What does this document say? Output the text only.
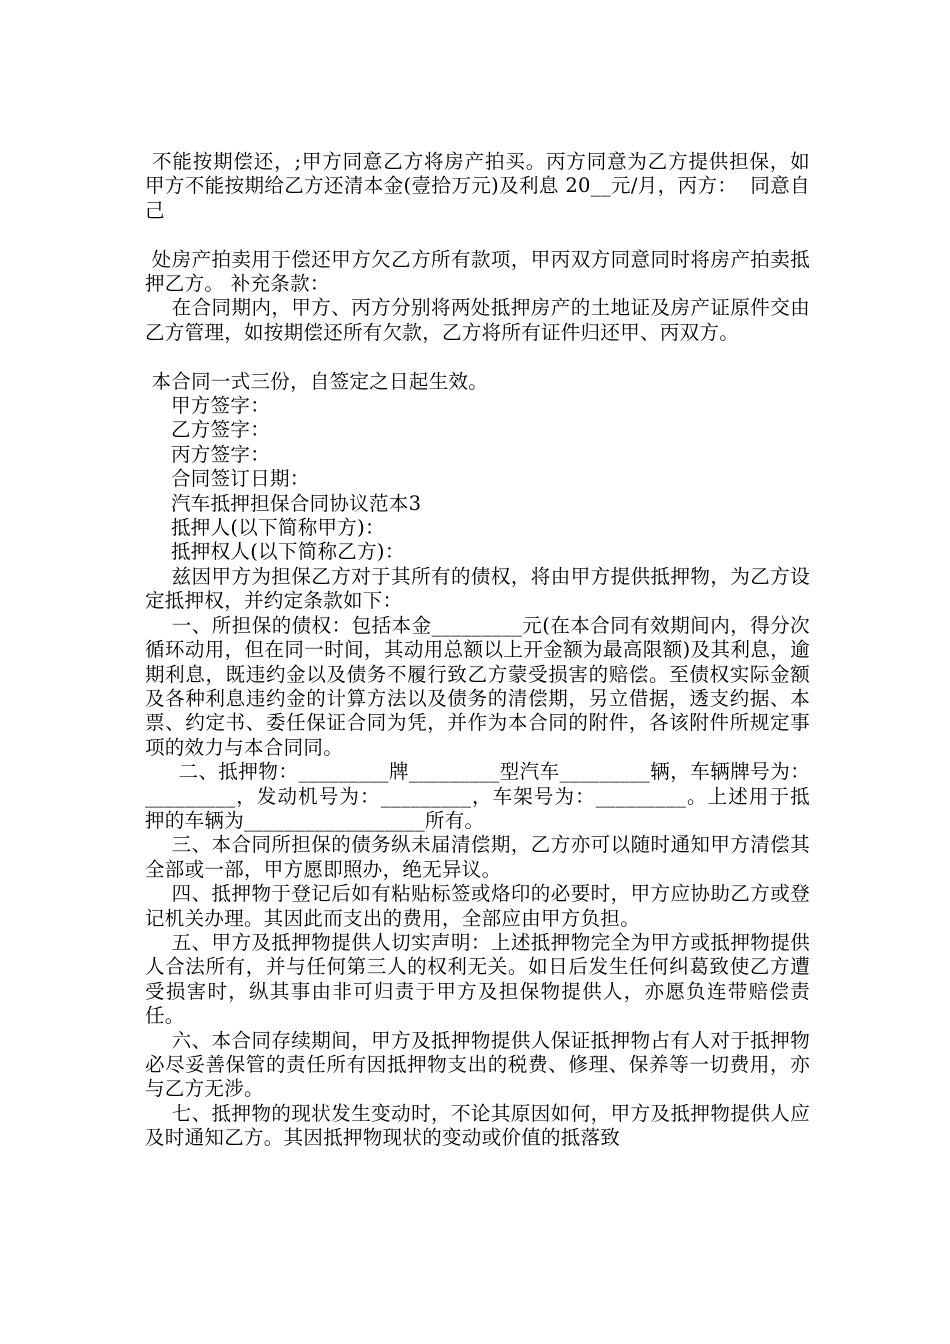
不能按期偿还，;甲方同意乙方将房产拍买。丙方同意为乙方提供担保，如甲方不能按期给乙方还清本金(壹拾万元)及利息 20__元/月，丙方：  同意自己

处房产拍卖用于偿还甲方欠乙方所有款项，甲丙双方同意同时将房产拍卖抵押乙方。 补充条款：

在合同期内，甲方、丙方分别将两处抵押房产的土地证及房产证原件交由乙方管理，如按期偿还所有欠款，乙方将所有证件归还甲、丙双方。

本合同一式三份，自签定之日起生效。

甲方签字：

乙方签字：

丙方签字：

合同签订日期：

汽车抵押担保合同协议范本3

抵押人(以下简称甲方)：

抵押权人(以下简称乙方)：

兹因甲方为担保乙方对于其所有的债权，将由甲方提供抵押物，为乙方设定抵押权，并约定条款如下：

一、所担保的债权：包括本金_________元(在本合同有效期间内，得分次循环动用，但在同一时间，其动用总额以上开金额为最高限额)及其利息，逾期利息，既违约金以及债务不履行致乙方蒙受损害的赔偿。至债权实际金额及各种利息违约金的计算方法以及债务的清偿期，另立借据，透支约据、本票、约定书、委任保证合同为凭，并作为本合同的附件，各该附件所规定事项的效力与本合同同。

二、抵押物：_________牌_________型汽车_________辆，车辆牌号为：_________，发动机号为：_________，车架号为：_________。上述用于抵押的车辆为__________________所有。

三、本合同所担保的债务纵未届清偿期，乙方亦可以随时通知甲方清偿其全部或一部，甲方愿即照办，绝无异议。

四、抵押物于登记后如有粘贴标签或烙印的必要时，甲方应协助乙方或登记机关办理。其因此而支出的费用，全部应由甲方负担。

五、甲方及抵押物提供人切实声明：上述抵押物完全为甲方或抵押物提供人合法所有，并与任何第三人的权利无关。如日后发生任何纠葛致使乙方遭受损害时，纵其事由非可归责于甲方及担保物提供人，亦愿负连带赔偿责任。

六、本合同存续期间，甲方及抵押物提供人保证抵押物占有人对于抵押物必尽妥善保管的责任所有因抵押物支出的税费、修理、保养等一切费用，亦与乙方无涉。

七、抵押物的现状发生变动时，不论其原因如何，甲方及抵押物提供人应及时通知乙方。其因抵押物现状的变动或价值的抵落致
